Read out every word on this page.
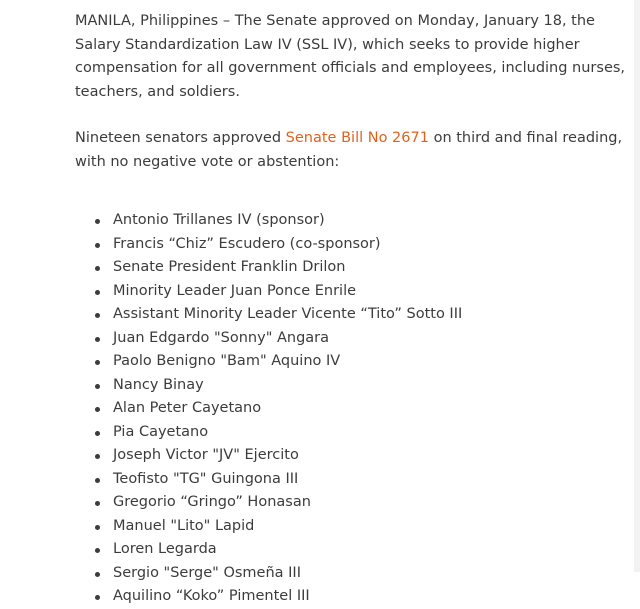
MANILA, Philippines – The Senate approved on Monday, January 18, the Salary Standardization Law IV (SSL IV), which seeks to provide higher compensation for all government officials and employees, including nurses, teachers, and soldiers.

Nineteen senators approved Senate Bill No 2671 on third and final reading, with no negative vote or abstention:

Antonio Trillanes IV (sponsor)
Francis “Chiz” Escudero (co-sponsor)
Senate President Franklin Drilon
Minority Leader Juan Ponce Enrile
Assistant Minority Leader Vicente “Tito” Sotto III
Juan Edgardo "Sonny" Angara
Paolo Benigno "Bam" Aquino IV
Nancy Binay
Alan Peter Cayetano
Pia Cayetano
Joseph Victor "JV" Ejercito
Teofisto "TG" Guingona III
Gregorio “Gringo” Honasan
Manuel "Lito" Lapid
Loren Legarda
Sergio "Serge" Osmeña III
Aquilino “Koko” Pimentel III
